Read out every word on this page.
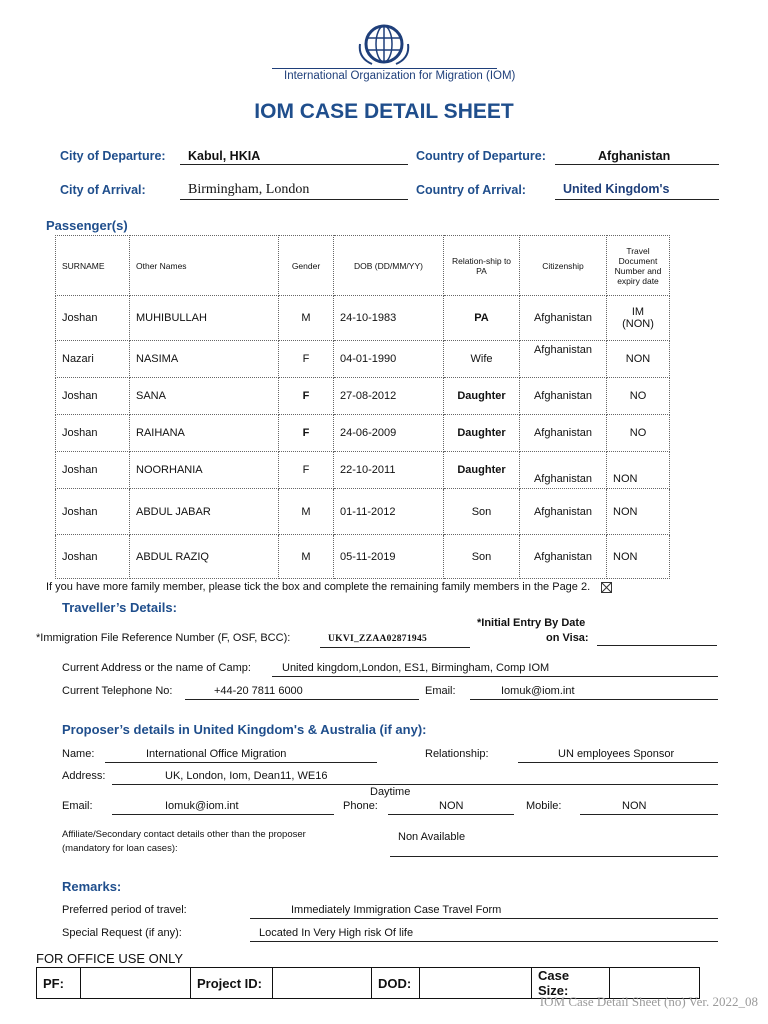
International Organization for Migration (IOM)
IOM CASE DETAIL SHEET
City of Departure: Kabul, HKIA	Country of Departure:	Afghanistan
City of Arrival:	Birmingham, London	Country of Arrival:	United Kingdom's
Passenger(s)
SURNAME	Other Names	Gender	DOB (DD/MM/YY)	Relation-ship to PA	Citizenship	Travel Document Number and expiry date
Joshan	MUHIBULLAH	M	24-10-1983	PA	Afghanistan	IM (NON)
Nazari	NASIMA	F	04-01-1990	Wife	Afghanistan	NON
Joshan	SANA	F	27-08-2012	Daughter	Afghanistan	NO
Joshan	RAIHANA	F	24-06-2009	Daughter	Afghanistan	NO
Joshan	NOORHANIA	F	22-10-2011	Daughter	Afghanistan	NON
Joshan	ABDUL JABAR	M	01-11-2012	Son	Afghanistan	NON
Joshan	ABDUL RAZIQ	M	05-11-2019	Son	Afghanistan	NON
If you have more family member, please tick the box and complete the remaining family members in the Page 2.
Traveller’s Details:
*Initial Entry By Date
on Visa:
*Immigration File Reference Number (F, OSF, BCC):	UKVI_ZZAA02871945
Current Address or the name of Camp:	United kingdom,London, ES1, Birmingham, Comp IOM
Current Telephone No:	+44-20 7811 6000	Email:	Iomuk@iom.int
Proposer’s details in United Kingdom's & Australia (if any):
Name:	International Office Migration	Relationship:	UN employees Sponsor
Address:	UK, London, Iom, Dean11, WE16
Email:	Iomuk@iom.int
Daytime
Phone:	NON	Mobile:	NON
Affiliate/Secondary contact details other than the proposer
(mandatory for loan cases):
Non Available
Remarks:
Preferred period of travel:	Immediately Immigration Case Travel Form
Special Request (if any):	Located In Very High risk Of life
FOR OFFICE USE ONLY
PF:		Project ID:		DOD:		Case Size:	
IOM Case Detail Sheet (no) Ver. 2022_08
